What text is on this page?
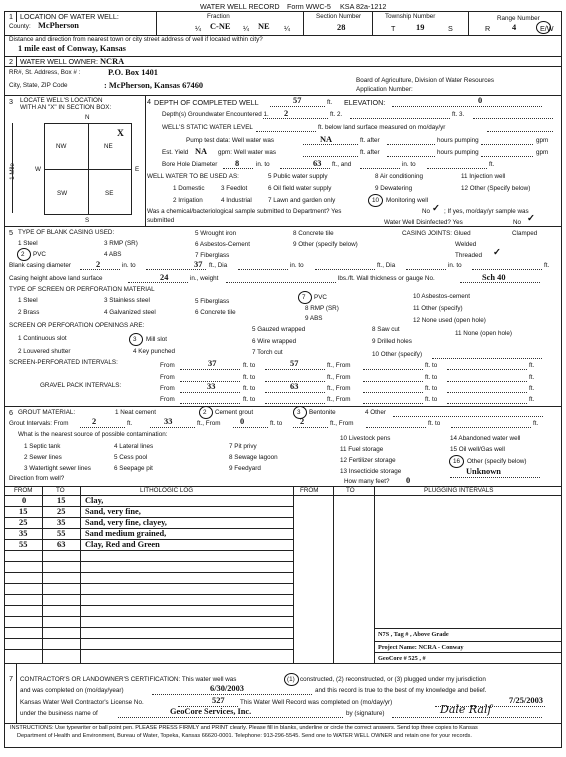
WATER WELL RECORD Form WWC-5 KSA 82a-1212
1 LOCATION OF WATER WELL:
County: McPherson
Fraction
¼ C-NE ¼ NE ¼
Section Number
28
Township Number
T 19	S
Range Number
R	4	E/W
Distance and direction from nearest town or city street address of well if located within city?
1 mile east of Conway, Kansas
2 WATER WELL OWNER: NCRA
RR#, St. Address, Box # :	P.O. Box 1401
City, State, ZIP Code	: McPherson, Kansas 67460
Board of Agriculture, Division of Water Resources
Application Number:
3 LOCATE WELL'S LOCATION
WITH AN "X" IN SECTION BOX:
N
S
W	E
1 Mile
NW	NE
SW	SE
X
4 DEPTH OF COMPLETED WELL	57	ft. ELEVATION:	0
Depth(s) Groundwater Encountered 1. 2	ft. 2.	ft. 3.
WELL'S STATIC WATER LEVEL	ft. below land surface measured on mo/day/yr
Pump test data: Well water was	NA	ft. after	hours pumping	gpm
Est. Yield NA gpm: Well water was	ft. after	hours pumping	gpm
Bore Hole Diameter 8	in. to	63 ft., and	in. to	ft.
WELL WATER TO BE USED AS:	5 Public water supply	8 Air conditioning	11 Injection well
1 Domestic	3 Feedlot	6 Oil field water supply	9 Dewatering	12 Other (Specify below)
2 Irrigation	4 Industrial	7 Lawn and garden only	10 Monitoring well
Was a chemical/bacteriological sample submitted to Department? Yes	No ✓ ; If yes, mo/day/yr sample was
submitted	Water Well Disinfected? Yes	No ✓
5 TYPE OF BLANK CASING USED:
1 Steel	3 RMP (SR)
5 Wrought iron	8 Concrete tile
6 Asbestos-Cement	9 Other (specify below)
2 PVC	4 ABS	7 Fiberglass
CASING JOINTS: Glued	Clamped
Welded
Threaded ✓
Blank casing diameter	2	in. to	37 ft., Dia	in. to	ft., Dia	in. to	ft.
Casing height above land surface	24	in., weight	lbs./ft. Wall thickness or gauge No.	Sch 40
TYPE OF SCREEN OR PERFORATION MATERIAL
1 Steel	3 Stainless steel	5 Fiberglass
7 PVC	10 Asbestos-cement
2 Brass	4 Galvanized steel	6 Concrete tile
8 RMP (SR)	11 Other (specify)
9 ABS	12 None used (open hole)
SCREEN OR PERFORATION OPENINGS ARE:
5 Gauzed wrapped	8 Saw cut
11 None (open hole)
1 Continuous slot	3 Mill slot	6 Wire wrapped	9 Drilled holes
2 Louvered shutter	4 Key punched	7 Torch cut	10 Other (specify)
SCREEN-PERFORATED INTERVALS:	From	37	ft. to	57	ft., From	ft. to	ft.
From	ft. to	ft., From	ft. to	ft.
GRAVEL PACK INTERVALS:	From	33	ft. to	63	ft., From	ft. to	ft.
From	ft. to	ft., From	ft. to	ft.
6 GROUT MATERIAL:	1 Neat cement	2 Cement grout	3 Bentonite	4 Other
Grout Intervals: From	2	ft.	33	ft., From 0	ft. to 2	ft., From	ft. to	ft.
What is the nearest source of possible contamination:
10 Livestock pens	14 Abandoned water well
1 Septic tank	4 Lateral lines	7 Pit privy	11 Fuel storage	15 Oil well/Gas well
2 Sewer lines	5 Cess pool	8 Sewage lagoon	12 Fertilizer storage	16 Other (specify below)
3 Watertight sewer lines	6 Seepage pit	9 Feedyard	13 Insecticide storage	Unknown
Direction from well?	How many feet? 0
FROM	TO	LITHOLOGIC LOG	FROM	TO	PLUGGING INTERVALS
0	15 Clay,
15	25 Sand, very fine,
25	35 Sand, very fine, clayey,
35	55 Sand medium grained,
55	63 Clay, Red and Green
N7S , Tag # , Above Grade
Project Name: NCRA - Conway
GeoCore # 525 , #
7 CONTRACTOR'S OR LANDOWNER'S CERTIFICATION: This water well was	(1) constructed, (2) reconstructed, or (3) plugged under my jurisdiction
and was completed on (mo/day/year)	6/30/2003	and this record is true to the best of my knowledge and belief.
Kansas Water Well Contractor's License No.	527 This Water Well Record was completed on (mo/day/yr)	7/25/2003
under the business name of	GeoCore Services, Inc.	by (signature)	Dale Ralf
INSTRUCTIONS: Use typewriter or ball point pen. PLEASE PRESS FIRMLY and PRINT clearly. Please fill in blanks, underline or circle the correct answers. Send top three copies to Kansas
Department of Health and Environment, Bureau of Water, Topeka, Kansas 66620-0001. Telephone: 913-296-5545. Send one to WATER WELL OWNER and retain one for your records.
